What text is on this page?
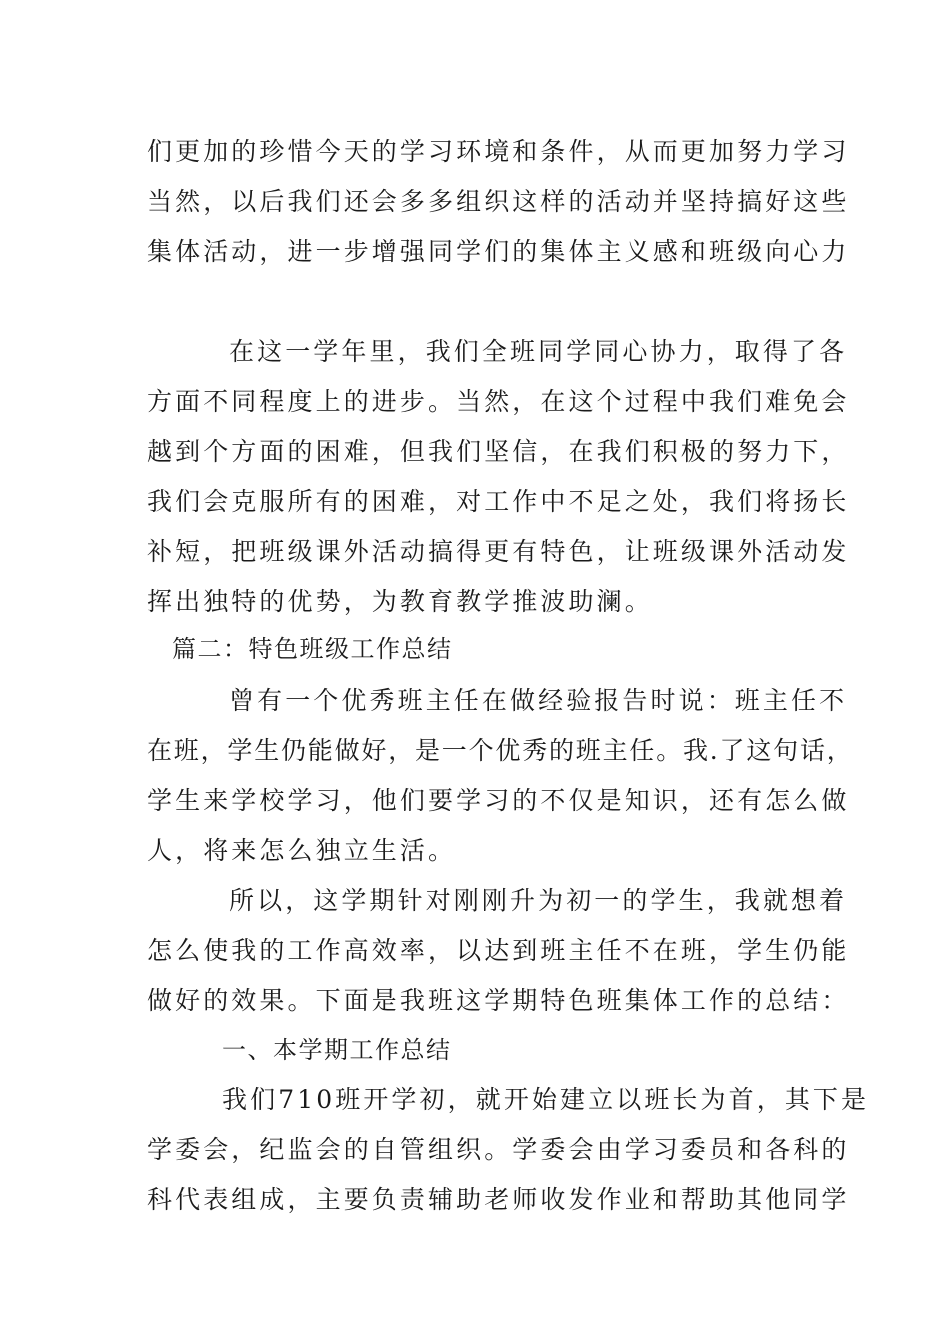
们更加的珍惜今天的学习环境和条件，从而更加努力学习
当然，以后我们还会多多组织这样的活动并坚持搞好这些
集体活动，进一步增强同学们的集体主义感和班级向心力
在这一学年里，我们全班同学同心协力，取得了各
方面不同程度上的进步。当然，在这个过程中我们难免会
越到个方面的困难，但我们坚信，在我们积极的努力下，
我们会克服所有的困难，对工作中不足之处，我们将扬长
补短，把班级课外活动搞得更有特色，让班级课外活动发
挥出独特的优势，为教育教学推波助澜。
篇二：特色班级工作总结
曾有一个优秀班主任在做经验报告时说：班主任不
在班，学生仍能做好，是一个优秀的班主任。我.了这句话，
学生来学校学习，他们要学习的不仅是知识，还有怎么做
人，将来怎么独立生活。
所以，这学期针对刚刚升为初一的学生，我就想着
怎么使我的工作高效率，以达到班主任不在班，学生仍能
做好的效果。下面是我班这学期特色班集体工作的总结：
一、本学期工作总结
我们710班开学初，就开始建立以班长为首，其下是
学委会，纪监会的自管组织。学委会由学习委员和各科的
科代表组成，主要负责辅助老师收发作业和帮助其他同学
